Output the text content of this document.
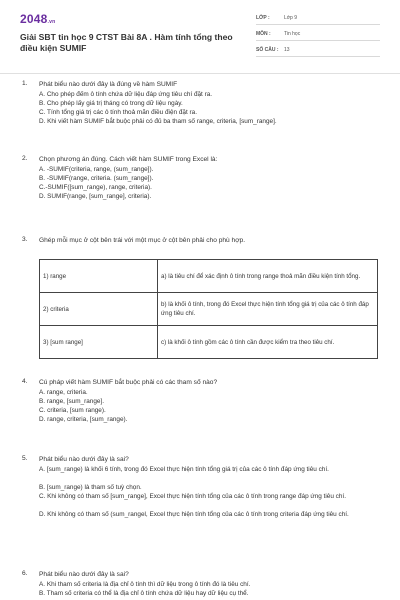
2048.vn
Giải SBT tin học 9 CTST Bài 8A . Hàm tính tổng theo điều kiện SUMIF
LỚP :	Lớp 9
MÔN :	Tin học
SỐ CÂU :	13
1.	Phát biểu nào dưới đây là đúng về hàm SUMIF
A. Cho phép đếm ô tính chứa dữ liệu đáp ứng tiêu chí đặt ra.
B. Cho phép lấy giá trị tháng có trong dữ liệu ngày.
C. Tính tổng giá trị các ô tính thoả mãn điều điện đặt ra.
D. Khi viết hàm SUMIF bắt buộc phải có đủ ba tham số range, criteria, [sum_range].
2.	Chọn phương án đúng. Cách viết hàm SUMIF trong Excel là:
A. -SUMIF(criteria, range, (sum_range]).
B. -SUMIF(range, criteria. (sum_range]).
C.-SUMIF([sum_range), range, criteria).
D. SUMIF(range, [sum_range], criteria).
3.	Ghép mỗi mục ở cột bên trái với một mục ở cột bên phải cho phù hợp.
1) range	a) là tiêu chí để xác định ô tính trong range thoả mãn điều kiện tính tổng.
2) criteria	b) là khối ô tính, trong đó Excel thực hiện tính tổng giá trị của các ô tính đáp ứng tiêu chí.
3) [sum range]	c) là khối ô tính gồm các ô tính cần được kiểm tra theo tiêu chí.
4.	Cú pháp viết hàm SUMIF bắt buộc phải có các tham số nào?
A. range, criteria.
B. range, [sum_range].
C. criteria, [sum range).
D. range, criteria, [sum_range).
5.	Phát biểu nào dưới đây là sai?
A. [sum_range) là khối 6 tính, trong đó Excel thực hiện tính tổng giá trị của các ô tính đáp ứng tiêu chí.
B. [sum_range) là tham số tuỳ chọn.
C. Khi không có tham số [sum_range], Excel thực hiện tính tổng của các ô tính trong range đáp ứng tiêu chí.
D. Khi không có tham số (sum_rangel, Excel thực hiện tính tổng của các ô tính trong criteria đáp ứng tiêu chí.
6.	Phát biểu nào dưới đây là sai?
A. Khi tham số criteria là địa chỉ ô tính thì dữ liệu trong ô tính đó là tiêu chí.
B. Tham số criteria có thể là địa chỉ ô tính chứa dữ liệu hay dữ liệu cụ thể.
